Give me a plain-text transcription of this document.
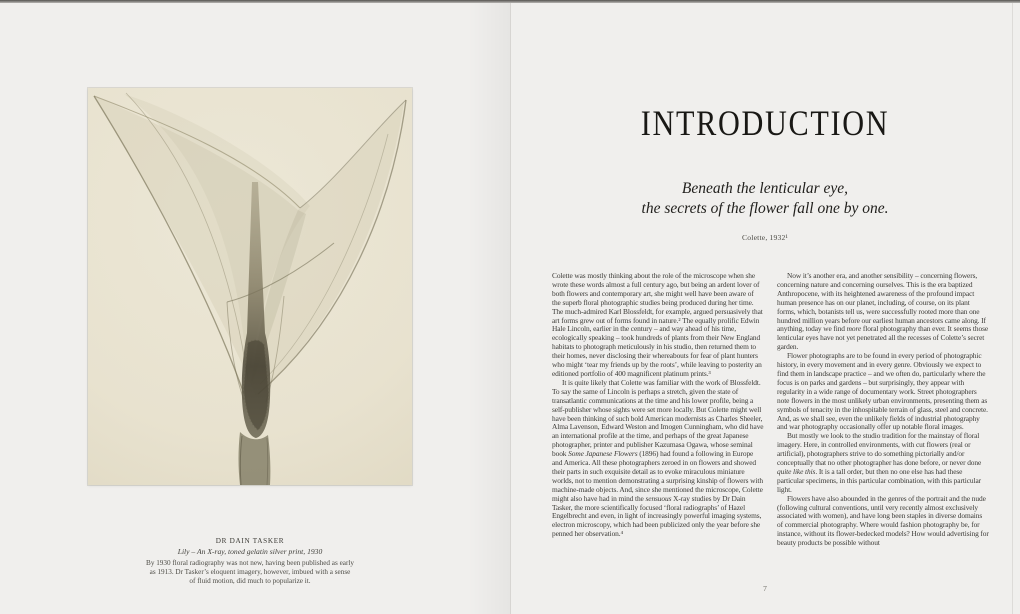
DR DAIN TASKER
Lily – An X-ray, toned gelatin silver print, 1930
By 1930 floral radiography was not new, having been published as early
as 1913. Dr Tasker’s eloquent imagery, however, imbued with a sense
of fluid motion, did much to popularize it.
INTRODUCTION
Beneath the lenticular eye,
the secrets of the flower fall one by one.
Colette, 1932¹

Colette was mostly thinking about the role of the microscope when she wrote these words almost a full century ago, but being an ardent lover of both flowers and contemporary art, she might well have been aware of the superb floral photographic studies being produced during her time. The much-admired Karl Blossfeldt, for example, argued persuasively that art forms grew out of forms found in nature.² The equally prolific Edwin Hale Lincoln, earlier in the century – and way ahead of his time, ecologically speaking – took hundreds of plants from their New England habitats to photograph meticulously in his studio, then returned them to their homes, never disclosing their whereabouts for fear of plant hunters who might ‘tear my friends up by the roots’, while leaving to posterity an editioned portfolio of 400 magnificent platinum prints.³

It is quite likely that Colette was familiar with the work of Blossfeldt. To say the same of Lincoln is perhaps a stretch, given the state of transatlantic communications at the time and his lower profile, being a self-publisher whose sights were set more locally. But Colette might well have been thinking of such bold American modernists as Charles Sheeler, Alma Lavenson, Edward Weston and Imogen Cunningham, who did have an international profile at the time, and perhaps of the great Japanese photographer, printer and publisher Kazumasa Ogawa, whose seminal book Some Japanese Flowers (1896) had found a following in Europe and America. All these photographers zeroed in on flowers and showed their parts in such exquisite detail as to evoke miraculous miniature worlds, not to mention demonstrating a surprising kinship of flowers with machine-made objects. And, since she mentioned the microscope, Colette might also have had in mind the sensuous X-ray studies by Dr Dain Tasker, the more scientifically focused ‘floral radiographs’ of Hazel Engelbrecht and even, in light of increasingly powerful imaging systems, electron microscopy, which had been publicized only the year before she penned her observation.⁴

Now it’s another era, and another sensibility – concerning flowers, concerning nature and concerning ourselves. This is the era baptized Anthropocene, with its heightened awareness of the profound impact human presence has on our planet, including, of course, on its plant forms, which, botanists tell us, were successfully rooted more than one hundred million years before our earliest human ancestors came along. If anything, today we find more floral photography than ever. It seems those lenticular eyes have not yet penetrated all the recesses of Colette’s secret garden.

Flower photographs are to be found in every period of photographic history, in every movement and in every genre. Obviously we expect to find them in landscape practice – and we often do, particularly where the focus is on parks and gardens – but surprisingly, they appear with regularity in a wide range of documentary work. Street photographers note flowers in the most unlikely urban environments, presenting them as symbols of tenacity in the inhospitable terrain of glass, steel and concrete. And, as we shall see, even the unlikely fields of industrial photography and war photography occasionally offer up notable floral images.

But mostly we look to the studio tradition for the mainstay of floral imagery. Here, in controlled environments, with cut flowers (real or artificial), photographers strive to do something pictorially and/or conceptually that no other photographer has done before, or never done quite like this. It is a tall order, but then no one else has had these particular specimens, in this particular combination, with this particular light.

Flowers have also abounded in the genres of the portrait and the nude (following cultural conventions, until very recently almost exclusively associated with women), and have long been staples in diverse domains of commercial photography. Where would fashion photography be, for instance, without its flower-bedecked models? How would advertising for beauty products be possible without

7
